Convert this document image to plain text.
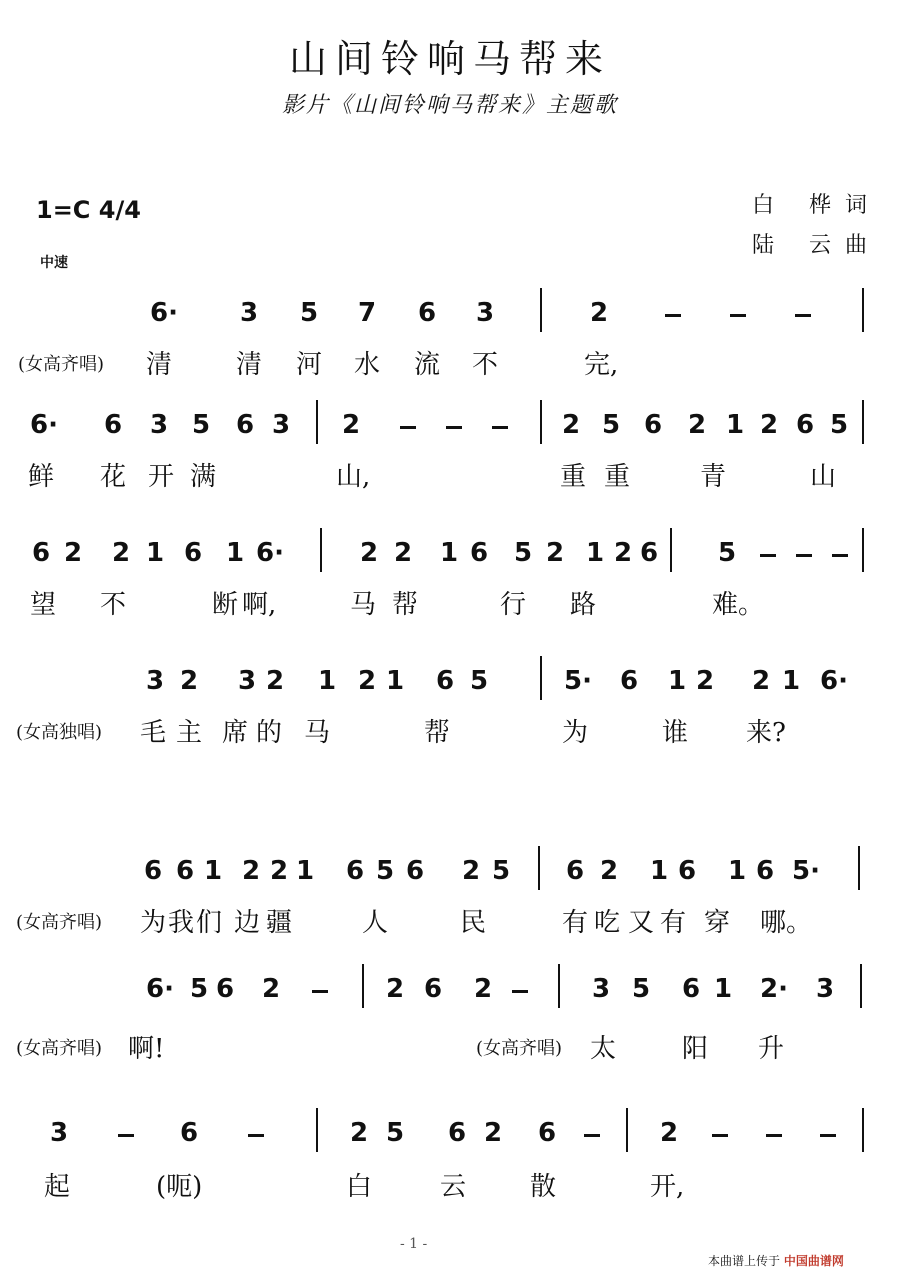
山间铃响马帮来
影片《山间铃响马帮来》主题歌
1=C 4/4
中速
白 桦词
陆 云曲
6· 3 5 7 6 3	2
(女高齐唱) 清 清 河 水 流 不	完,
6· 6 3 5 6 3 2	2 5 6 2 1 2 6 5
鲜 花 开 满	山,	重 重	青	山
6 2 2 1 6 1 6·	2 2 1 6 5 2 1 2 6 5
望 不	断 啊,	马 帮	行 路	难。
3 2 3 2 1 2 1 6 5	5· 6 1 2 2 1 6·
(女高独唱) 毛 主 席 的 马	帮	为	谁 来?
6 6 1 2 2 1 6 5 6 2 5 6 2 1 6 1 6 5·
(女高齐唱) 为 我 们 边 疆	人	民	有 吃 又 有 穿 哪。
6· 5 6 2	2 6 2	3 5 6 1 2· 3
(女高齐唱) 啊!	(女高齐唱) 太	阳 升
3	6	2 5 6 2 6	2
起	(呃)	白	云 散	开,
- 1 -
本曲谱上传于 中国曲谱网
